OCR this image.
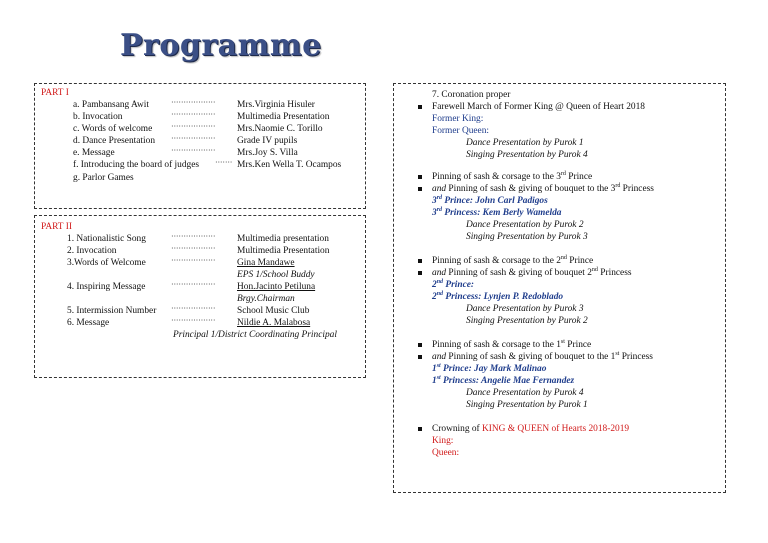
Programme
PART I
a. Pambansang Awit	·················· Mrs.Virginia Hisuler
b. Invocation	·················· Multimedia Presentation
c. Words of welcome ·················· Mrs.Naomie C. Torillo
d. Dance Presentation ·················· Grade IV pupils
e. Message	·················· Mrs.Joy S. Villa
f. Introducing the board of judges ······· Mrs.Ken Wella T. Ocampos
g. Parlor Games
PART II
1. Nationalistic Song	·················· Multimedia presentation
2. Invocation	·················· Multimedia Presentation
3.Words of Welcome	·················· Gina Mandawe
EPS 1/School Buddy
4. Inspiring Message	·················· Hon.Jacinto Petiluna
Brgy.Chairman
5. Intermission Number ·················· School Music Club
6. Message	·················· Nildie A. Malabosa
Principal 1/District Coordinating Principal
7. Coronation proper
Farewell March of Former King @ Queen of Heart 2018
Former King:
Former Queen:
Dance Presentation by Purok 1
Singing Presentation by Purok 4
Pinning of sash & corsage to the 3rd Prince
and Pinning of sash & giving of bouquet to the 3rd Princess
3rd Prince: John Carl Padigos
3rd Princess: Kem Berly Wamelda
Dance Presentation by Purok 2
Singing Presentation by Purok 3
Pinning of sash & corsage to the 2nd Prince
and Pinning of sash & giving of bouquet 2nd Princess
2nd Prince:
2nd Princess: Lynjen P. Redoblado
Dance Presentation by Purok 3
Singing Presentation by Purok 2
Pinning of sash & corsage to the 1st Prince
and Pinning of sash & giving of bouquet to the 1st Princess
1st Prince: Jay Mark Malinao
1st Princess: Angelie Mae Fernandez
Dance Presentation by Purok 4
Singing Presentation by Purok 1
Crowning of KING & QUEEN of Hearts 2018-2019
King:
Queen:
